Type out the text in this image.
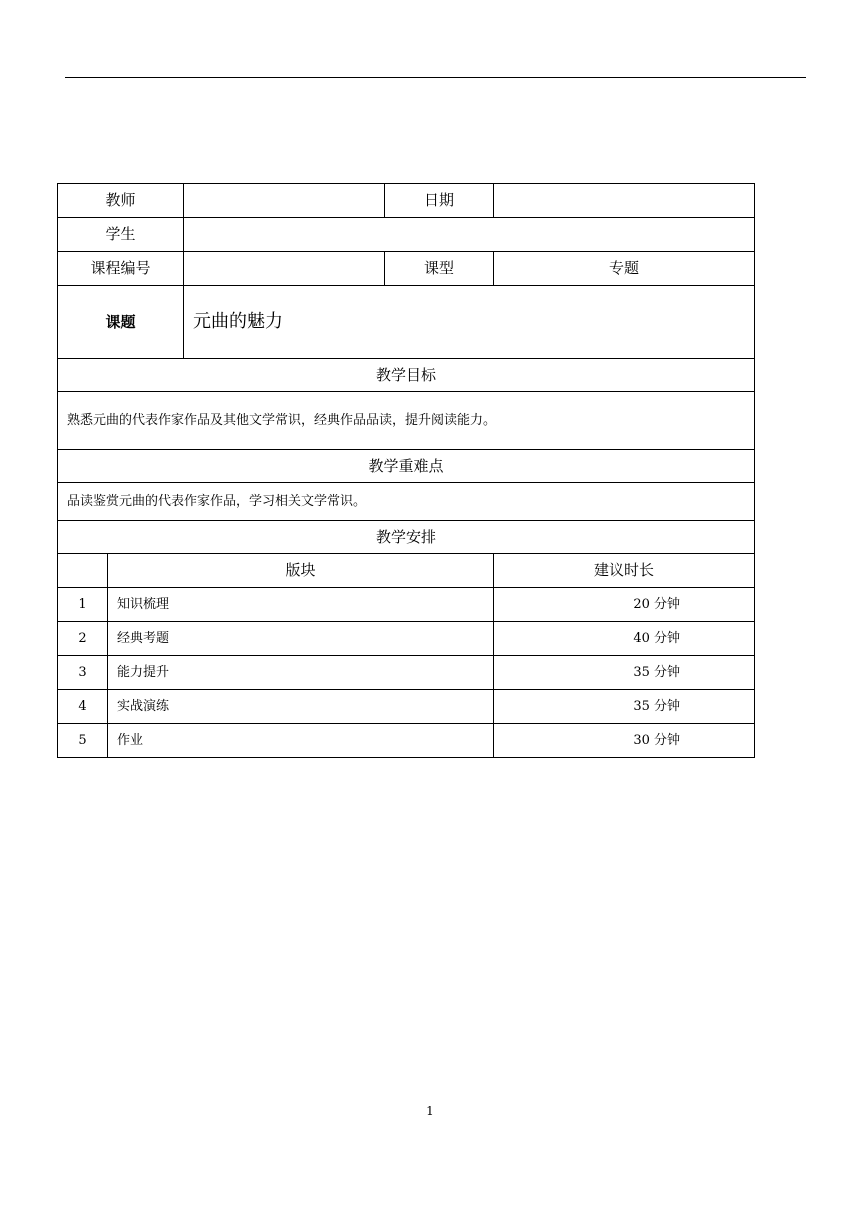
教师			日期	
学生				
课程编号			课型	专题
课题		元曲的魅力		
教学目标				
熟悉元曲的代表作家作品及其他文学常识，经典作品品读，提升阅读能力。				
教学重难点				
品读鉴赏元曲的代表作家作品，学习相关文学常识。				
教学安排				
	版块			建议时长
1	知识梳理			20 分钟
2	经典考题			40 分钟
3	能力提升			35 分钟
4	实战演练			35 分钟
5	作业			30 分钟
1
